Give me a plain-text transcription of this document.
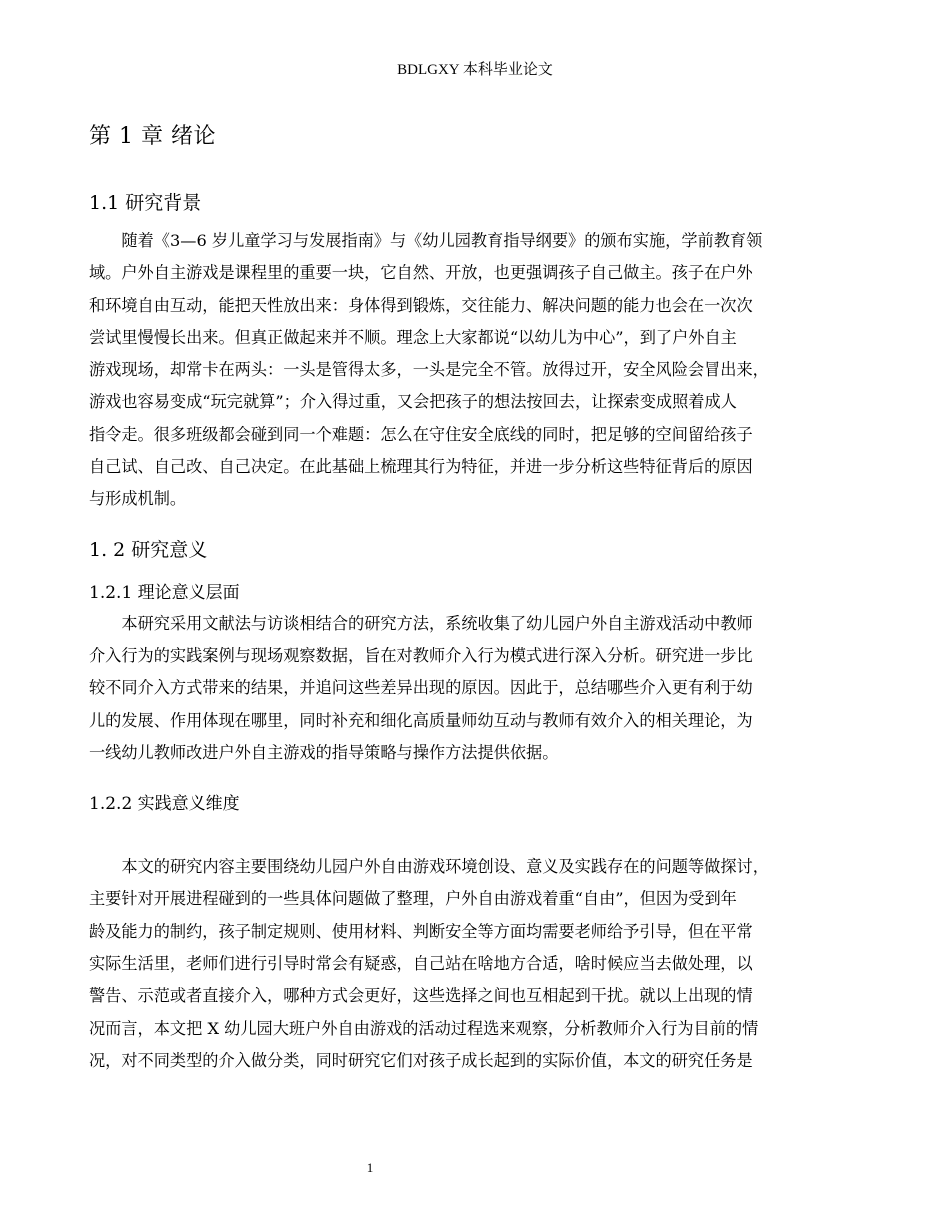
BDLGXY 本科毕业论文
第 1 章 绪论
1.1 研究背景

随着《3—6 岁儿童学习与发展指南》与《幼儿园教育指导纲要》的颁布实施，学前教育领
域。户外自主游戏是课程里的重要一块，它自然、开放，也更强调孩子自己做主。孩子在户外
和环境自由互动，能把天性放出来：身体得到锻炼，交往能力、解决问题的能力也会在一次次
尝试里慢慢长出来。但真正做起来并不顺。理念上大家都说“以幼儿为中心”，到了户外自主
游戏现场，却常卡在两头：一头是管得太多，一头是完全不管。放得过开，安全风险会冒出来，
游戏也容易变成“玩完就算”；介入得过重，又会把孩子的想法按回去，让探索变成照着成人
指令走。很多班级都会碰到同一个难题：怎么在守住安全底线的同时，把足够的空间留给孩子
自己试、自己改、自己决定。在此基础上梳理其行为特征，并进一步分析这些特征背后的原因
与形成机制。

1. 2 研究意义
1.2.1 理论意义层面

本研究采用文献法与访谈相结合的研究方法，系统收集了幼儿园户外自主游戏活动中教师
介入行为的实践案例与现场观察数据，旨在对教师介入行为模式进行深入分析。研究进一步比
较不同介入方式带来的结果，并追问这些差异出现的原因。因此于，总结哪些介入更有利于幼
儿的发展、作用体现在哪里，同时补充和细化高质量师幼互动与教师有效介入的相关理论，为
一线幼儿教师改进户外自主游戏的指导策略与操作方法提供依据。

1.2.2 实践意义维度

本文的研究内容主要围绕幼儿园户外自由游戏环境创设、意义及实践存在的问题等做探讨，
主要针对开展进程碰到的一些具体问题做了整理，户外自由游戏着重“自由”，但因为受到年
龄及能力的制约，孩子制定规则、使用材料、判断安全等方面均需要老师给予引导，但在平常
实际生活里，老师们进行引导时常会有疑惑，自己站在啥地方合适，啥时候应当去做处理，以
警告、示范或者直接介入，哪种方式会更好，这些选择之间也互相起到干扰。就以上出现的情
况而言，本文把 X 幼儿园大班户外自由游戏的活动过程选来观察，分析教师介入行为目前的情
况，对不同类型的介入做分类，同时研究它们对孩子成长起到的实际价值，本文的研究任务是

1
